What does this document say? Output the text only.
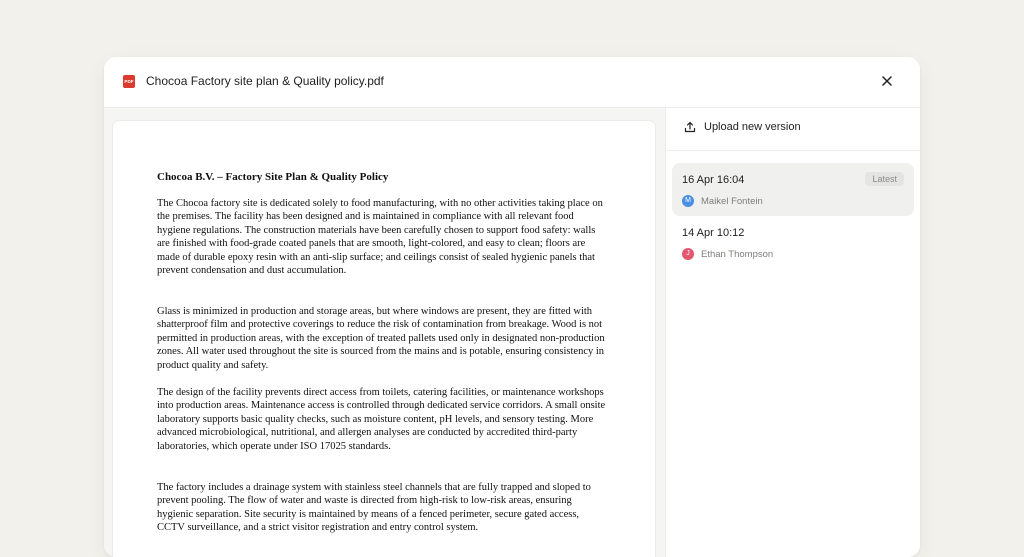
PDF Chocoa Factory site plan & Quality policy.pdf
Chocoa B.V. – Factory Site Plan & Quality Policy
The Chocoa factory site is dedicated solely to food manufacturing, with no other activities taking place on the premises. The facility has been designed and is maintained in compliance with all relevant food hygiene regulations. The construction materials have been carefully chosen to support food safety: walls are finished with food-grade coated panels that are smooth, light-colored, and easy to clean; floors are made of durable epoxy resin with an anti-slip surface; and ceilings consist of sealed hygienic panels that prevent condensation and dust accumulation.
Glass is minimized in production and storage areas, but where windows are present, they are fitted with shatterproof film and protective coverings to reduce the risk of contamination from breakage. Wood is not permitted in production areas, with the exception of treated pallets used only in designated non-production zones. All water used throughout the site is sourced from the mains and is potable, ensuring consistency in product quality and safety.
The design of the facility prevents direct access from toilets, catering facilities, or maintenance workshops into production areas. Maintenance access is controlled through dedicated service corridors. A small onsite laboratory supports basic quality checks, such as moisture content, pH levels, and sensory testing. More advanced microbiological, nutritional, and allergen analyses are conducted by accredited third-party laboratories, which operate under ISO 17025 standards.
The factory includes a drainage system with stainless steel channels that are fully trapped and sloped to prevent pooling. The flow of water and waste is directed from high-risk to low-risk areas, ensuring hygienic separation. Site security is maintained by means of a fenced perimeter, secure gated access, CCTV surveillance, and a strict visitor registration and entry control system.
Upload new version
16 Apr 16:04	Latest
M	Maikel Fontein
14 Apr 10:12
J	Ethan Thompson
